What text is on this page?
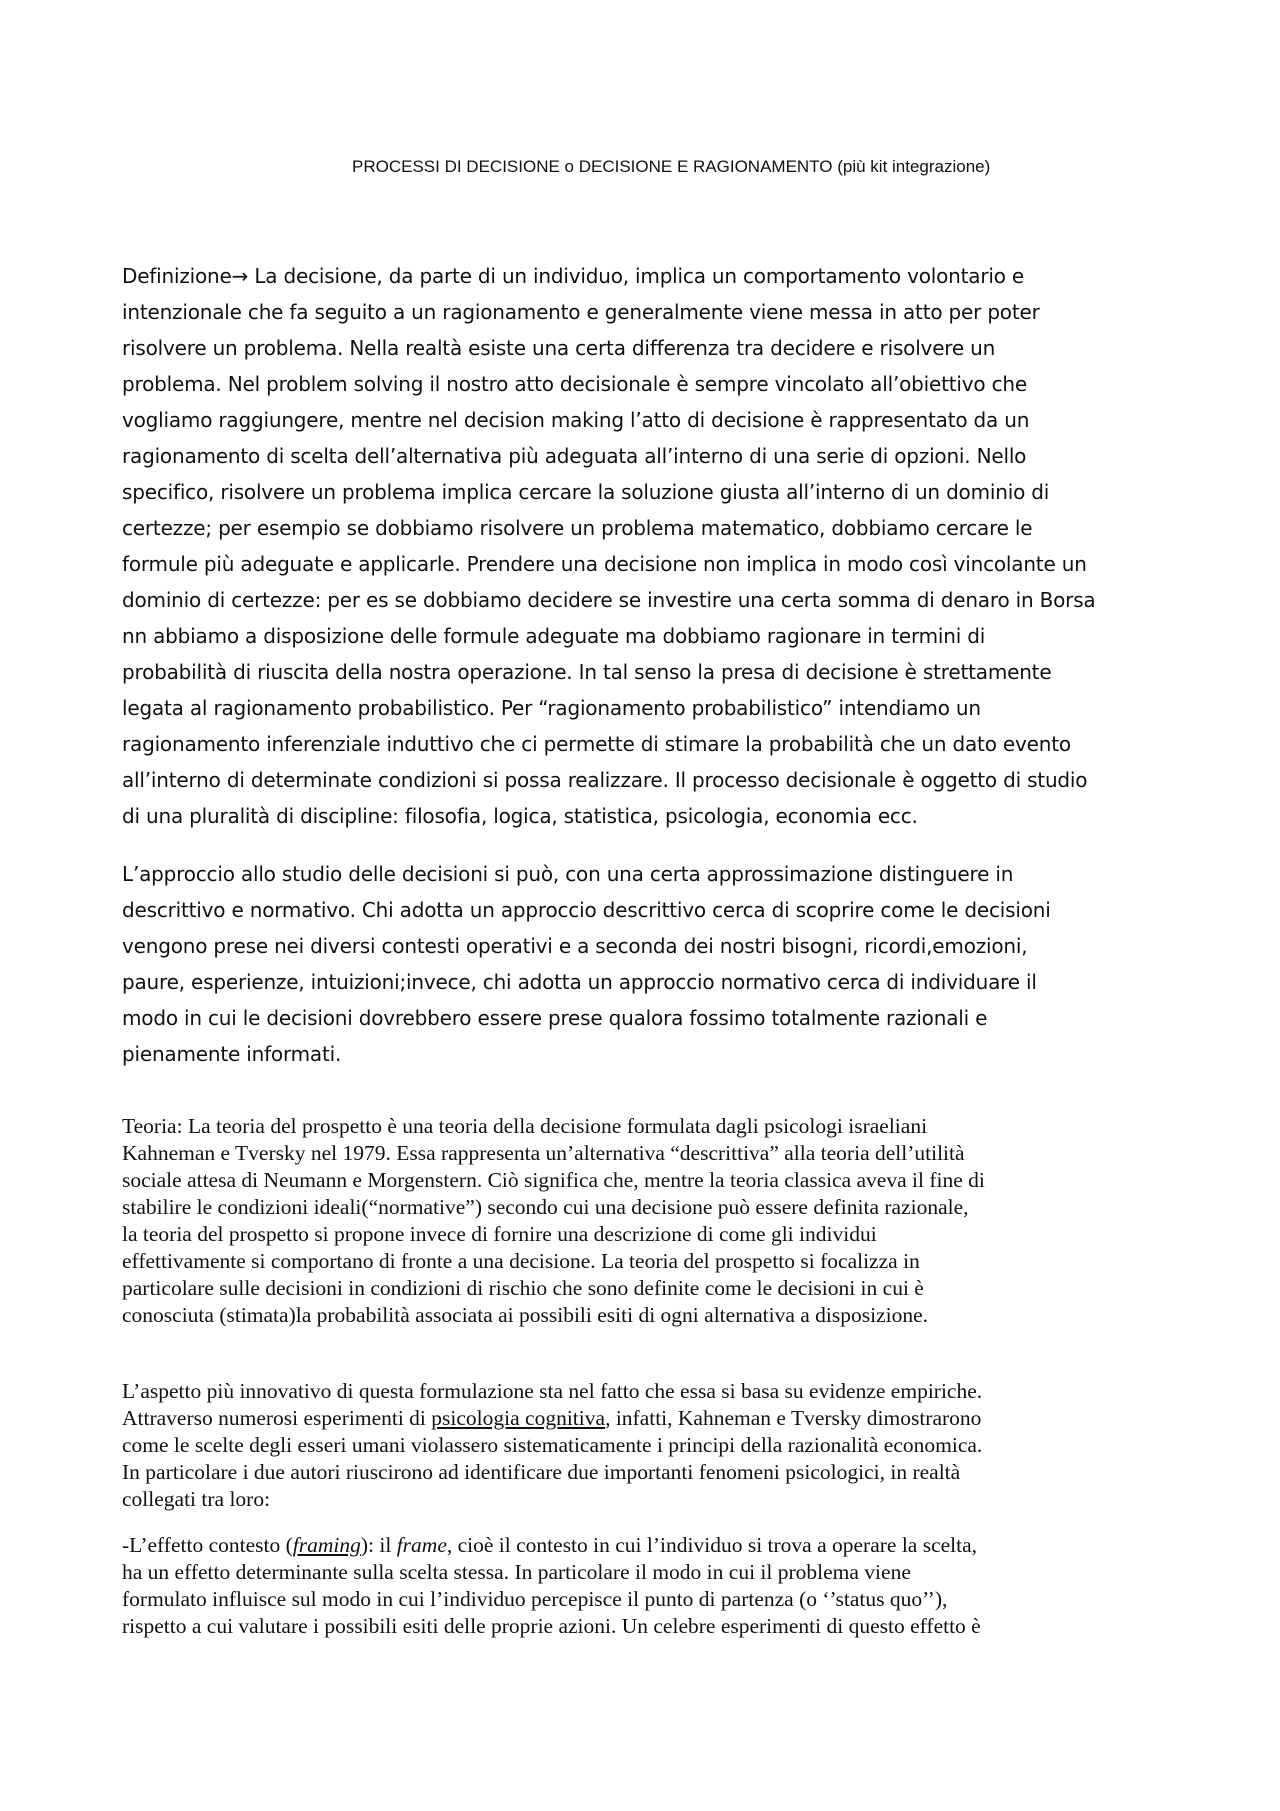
PROCESSI DI DECISIONE o DECISIONE E RAGIONAMENTO (più kit integrazione)
Definizione→ La decisione, da parte di un individuo, implica un comportamento volontario e
intenzionale che fa seguito a un ragionamento e generalmente viene messa in atto per poter
risolvere un problema. Nella realtà esiste una certa differenza tra decidere e risolvere un
problema. Nel problem solving il nostro atto decisionale è sempre vincolato all’obiettivo che
vogliamo raggiungere, mentre nel decision making l’atto di decisione è rappresentato da un
ragionamento di scelta dell’alternativa più adeguata all’interno di una serie di opzioni. Nello
specifico, risolvere un problema implica cercare la soluzione giusta all’interno di un dominio di
certezze; per esempio se dobbiamo risolvere un problema matematico, dobbiamo cercare le
formule più adeguate e applicarle. Prendere una decisione non implica in modo così vincolante un
dominio di certezze: per es se dobbiamo decidere se investire una certa somma di denaro in Borsa
nn abbiamo a disposizione delle formule adeguate ma dobbiamo ragionare in termini di
probabilità di riuscita della nostra operazione. In tal senso la presa di decisione è strettamente
legata al ragionamento probabilistico. Per “ragionamento probabilistico” intendiamo un
ragionamento inferenziale induttivo che ci permette di stimare la probabilità che un dato evento
all’interno di determinate condizioni si possa realizzare. Il processo decisionale è oggetto di studio
di una pluralità di discipline: filosofia, logica, statistica, psicologia, economia ecc.
L’approccio allo studio delle decisioni si può, con una certa approssimazione distinguere in
descrittivo e normativo. Chi adotta un approccio descrittivo cerca di scoprire come le decisioni
vengono prese nei diversi contesti operativi e a seconda dei nostri bisogni, ricordi,emozioni,
paure, esperienze, intuizioni;invece, chi adotta un approccio normativo cerca di individuare il
modo in cui le decisioni dovrebbero essere prese qualora fossimo totalmente razionali e
pienamente informati.
Teoria: La teoria del prospetto è una teoria della decisione formulata dagli psicologi israeliani
Kahneman e Tversky nel 1979. Essa rappresenta un’alternativa “descrittiva” alla teoria dell’utilità
sociale attesa di Neumann e Morgenstern. Ciò significa che, mentre la teoria classica aveva il fine di
stabilire le condizioni ideali(“normative”) secondo cui una decisione può essere definita razionale,
la teoria del prospetto si propone invece di fornire una descrizione di come gli individui
effettivamente si comportano di fronte a una decisione. La teoria del prospetto si focalizza in
particolare sulle decisioni in condizioni di rischio che sono definite come le decisioni in cui è
conosciuta (stimata)la probabilità associata ai possibili esiti di ogni alternativa a disposizione.
L’aspetto più innovativo di questa formulazione sta nel fatto che essa si basa su evidenze empiriche.
Attraverso numerosi esperimenti di psicologia cognitiva, infatti, Kahneman e Tversky dimostrarono
come le scelte degli esseri umani violassero sistematicamente i principi della razionalità economica.
In particolare i due autori riuscirono ad identificare due importanti fenomeni psicologici, in realtà
collegati tra loro:
-L’effetto contesto (framing): il frame, cioè il contesto in cui l’individuo si trova a operare la scelta,
ha un effetto determinante sulla scelta stessa. In particolare il modo in cui il problema viene
formulato influisce sul modo in cui l’individuo percepisce il punto di partenza (o ‘’status quo’’),
rispetto a cui valutare i possibili esiti delle proprie azioni. Un celebre esperimenti di questo effetto è
